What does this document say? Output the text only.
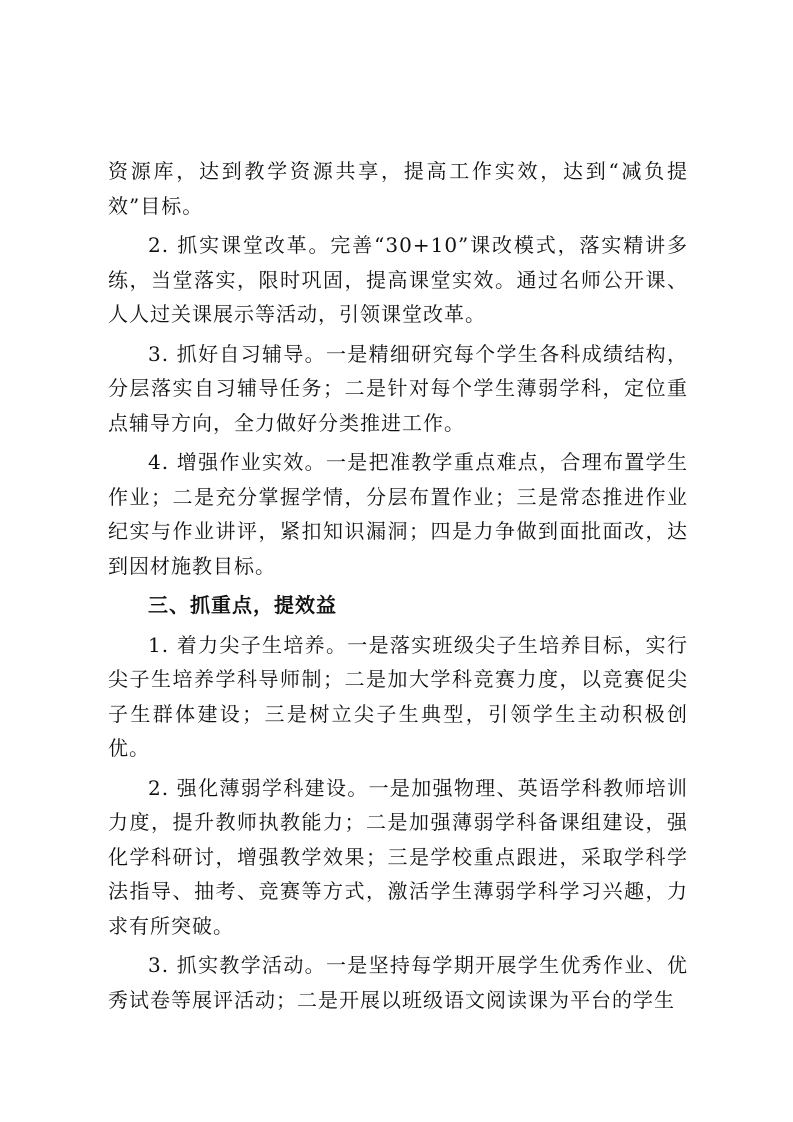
资源库，达到教学资源共享，提高工作实效，达到“减负提效”目标。

2. 抓实课堂改革。完善“30+10”课改模式，落实精讲多练，当堂落实，限时巩固，提高课堂实效。通过名师公开课、人人过关课展示等活动，引领课堂改革。

3. 抓好自习辅导。一是精细研究每个学生各科成绩结构，分层落实自习辅导任务；二是针对每个学生薄弱学科，定位重点辅导方向，全力做好分类推进工作。

4. 增强作业实效。一是把准教学重点难点，合理布置学生作业；二是充分掌握学情，分层布置作业；三是常态推进作业纪实与作业讲评，紧扣知识漏洞；四是力争做到面批面改，达到因材施教目标。

三、抓重点，提效益

1. 着力尖子生培养。一是落实班级尖子生培养目标，实行尖子生培养学科导师制；二是加大学科竞赛力度，以竞赛促尖子生群体建设；三是树立尖子生典型，引领学生主动积极创优。

2. 强化薄弱学科建设。一是加强物理、英语学科教师培训力度，提升教师执教能力；二是加强薄弱学科备课组建设，强化学科研讨，增强教学效果；三是学校重点跟进，采取学科学法指导、抽考、竞赛等方式，激活学生薄弱学科学习兴趣，力求有所突破。

3. 抓实教学活动。一是坚持每学期开展学生优秀作业、优秀试卷等展评活动；二是开展以班级语文阅读课为平台的学生
